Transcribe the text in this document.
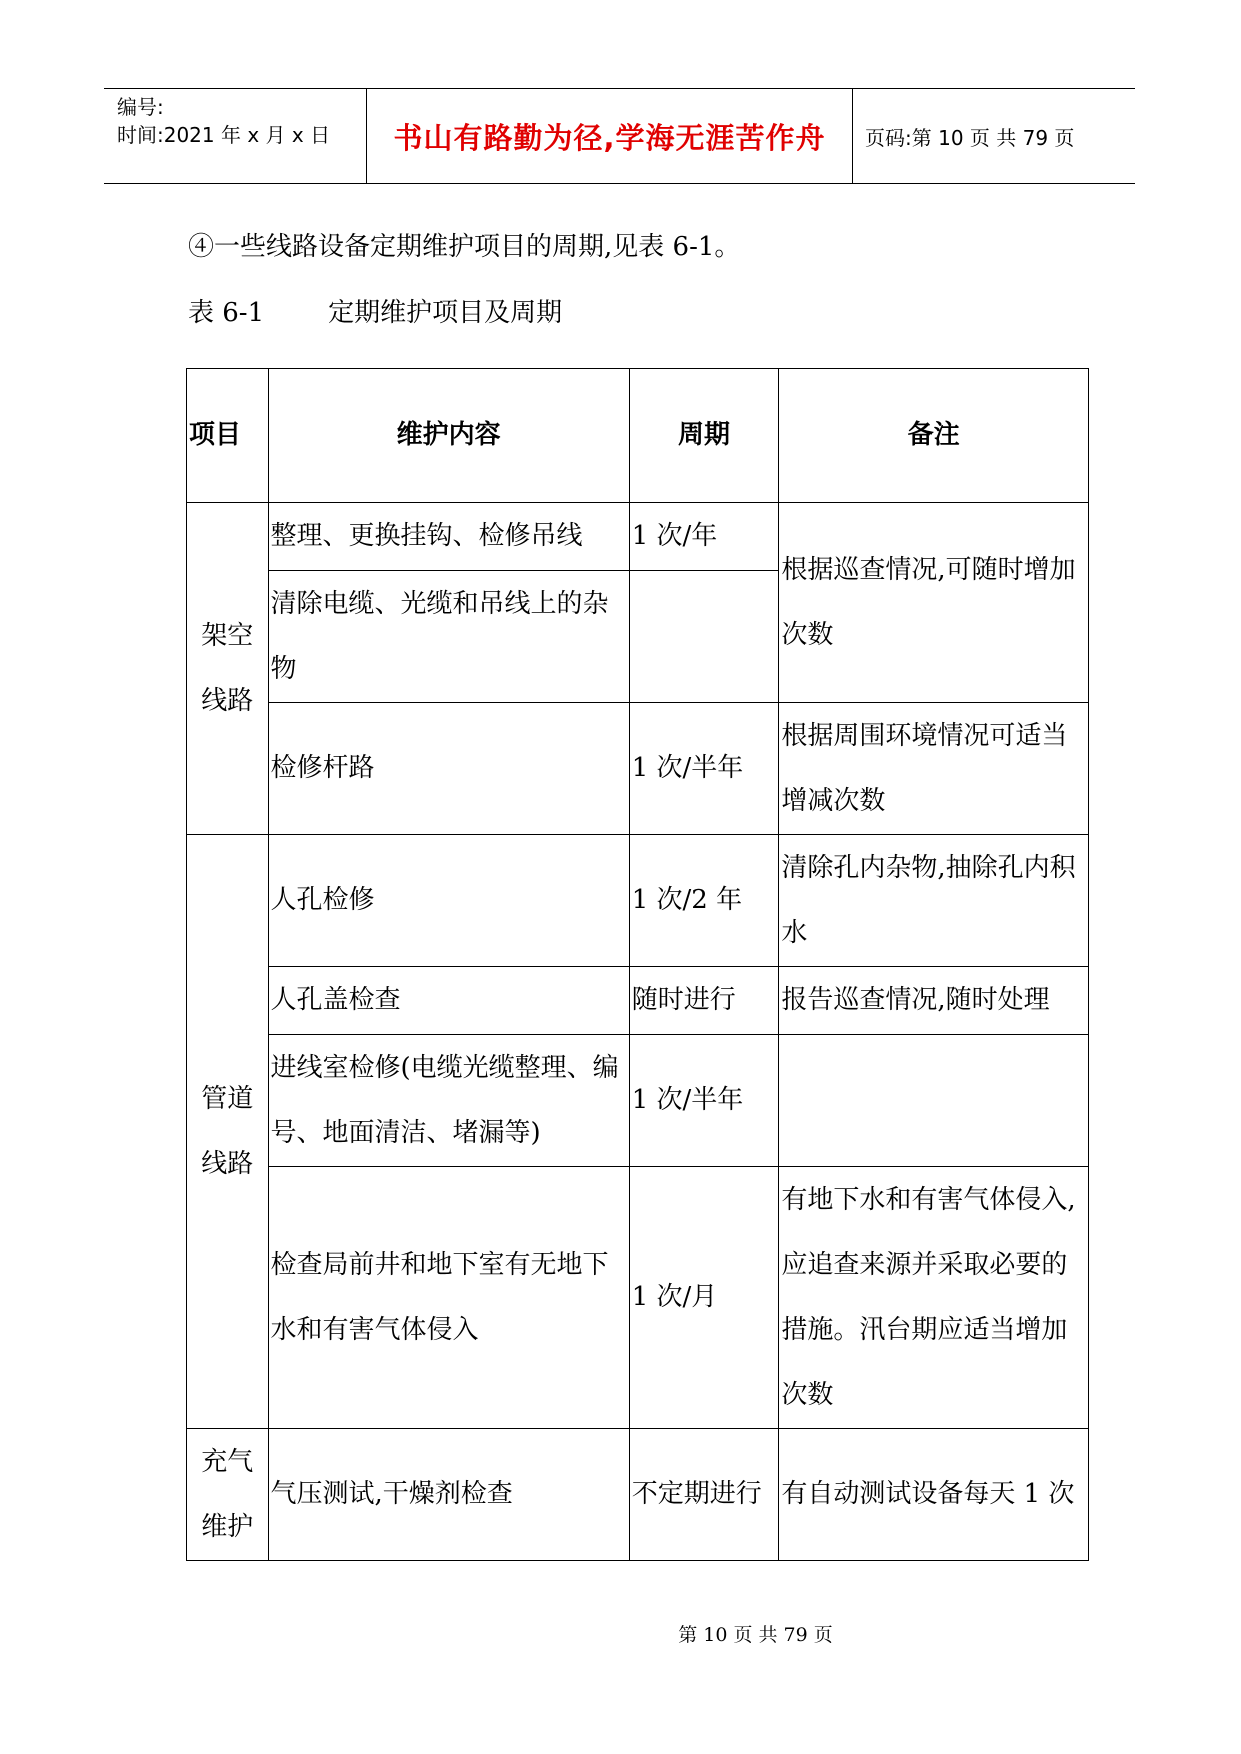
编号:
时间:2021 年 x 月 x 日	书山有路勤为径,学海无涯苦作舟 页码:第 10 页 共 79 页
④一些线路设备定期维护项目的周期,见表 6-1。
表 6-1 定期维护项目及周期
项目	维护内容	周期	备注
架空线路	整理、更换挂钩、检修吊线	1 次/年	根据巡查情况,可随时增加次数
	清除电缆、光缆和吊线上的杂物		
	检修杆路	1 次/半年	根据周围环境情况可适当增减次数
管道线路	人孔检修	1 次/2 年	清除孔内杂物,抽除孔内积水
	人孔盖检查	随时进行	报告巡查情况,随时处理
	进线室检修(电缆光缆整理、编号、地面清洁、堵漏等)	1 次/半年	
	检查局前井和地下室有无地下水和有害气体侵入	1 次/月	有地下水和有害气体侵入,应追查来源并采取必要的措施。汛台期应适当增加次数
充气维护	气压测试,干燥剂检查	不定期进行	有自动测试设备每天 1 次
第 10 页 共 79 页
